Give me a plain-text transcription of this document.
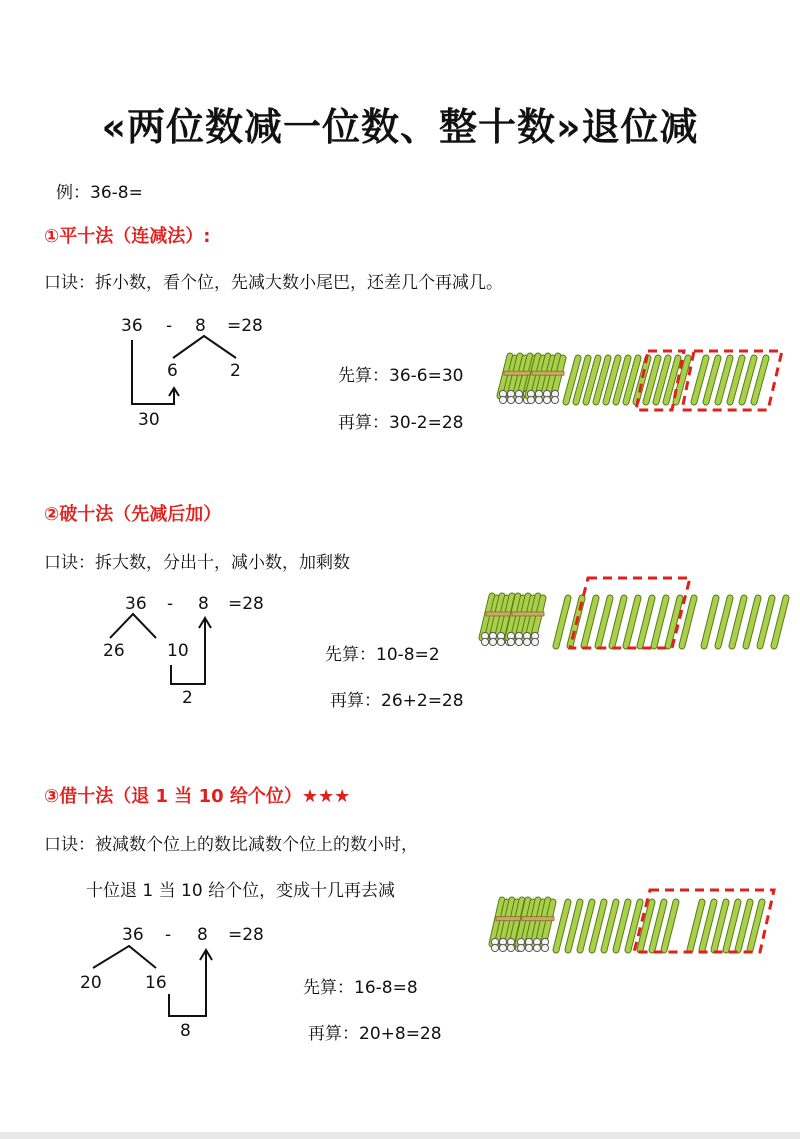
«两位数减一位数、整十数»退位减
例：36-8=
①平十法（连减法）:
口诀：拆小数，看个位，先减大数小尾巴，还差几个再减几。
36 - 8 =28
6	2
30
先算：36-6=30
再算：30-2=28
②破十法（先减后加）
口诀：拆大数，分出十，减小数，加剩数
36 - 8 =28
26 10
2
先算：10-8=2
再算：26+2=28
③借十法（退 1 当 10 给个位）★★★
口诀：被减数个位上的数比减数个位上的数小时，
十位退 1 当 10 给个位，变成十几再去减
36 - 8 =28
20	16
8
先算：16-8=8
再算：20+8=28
